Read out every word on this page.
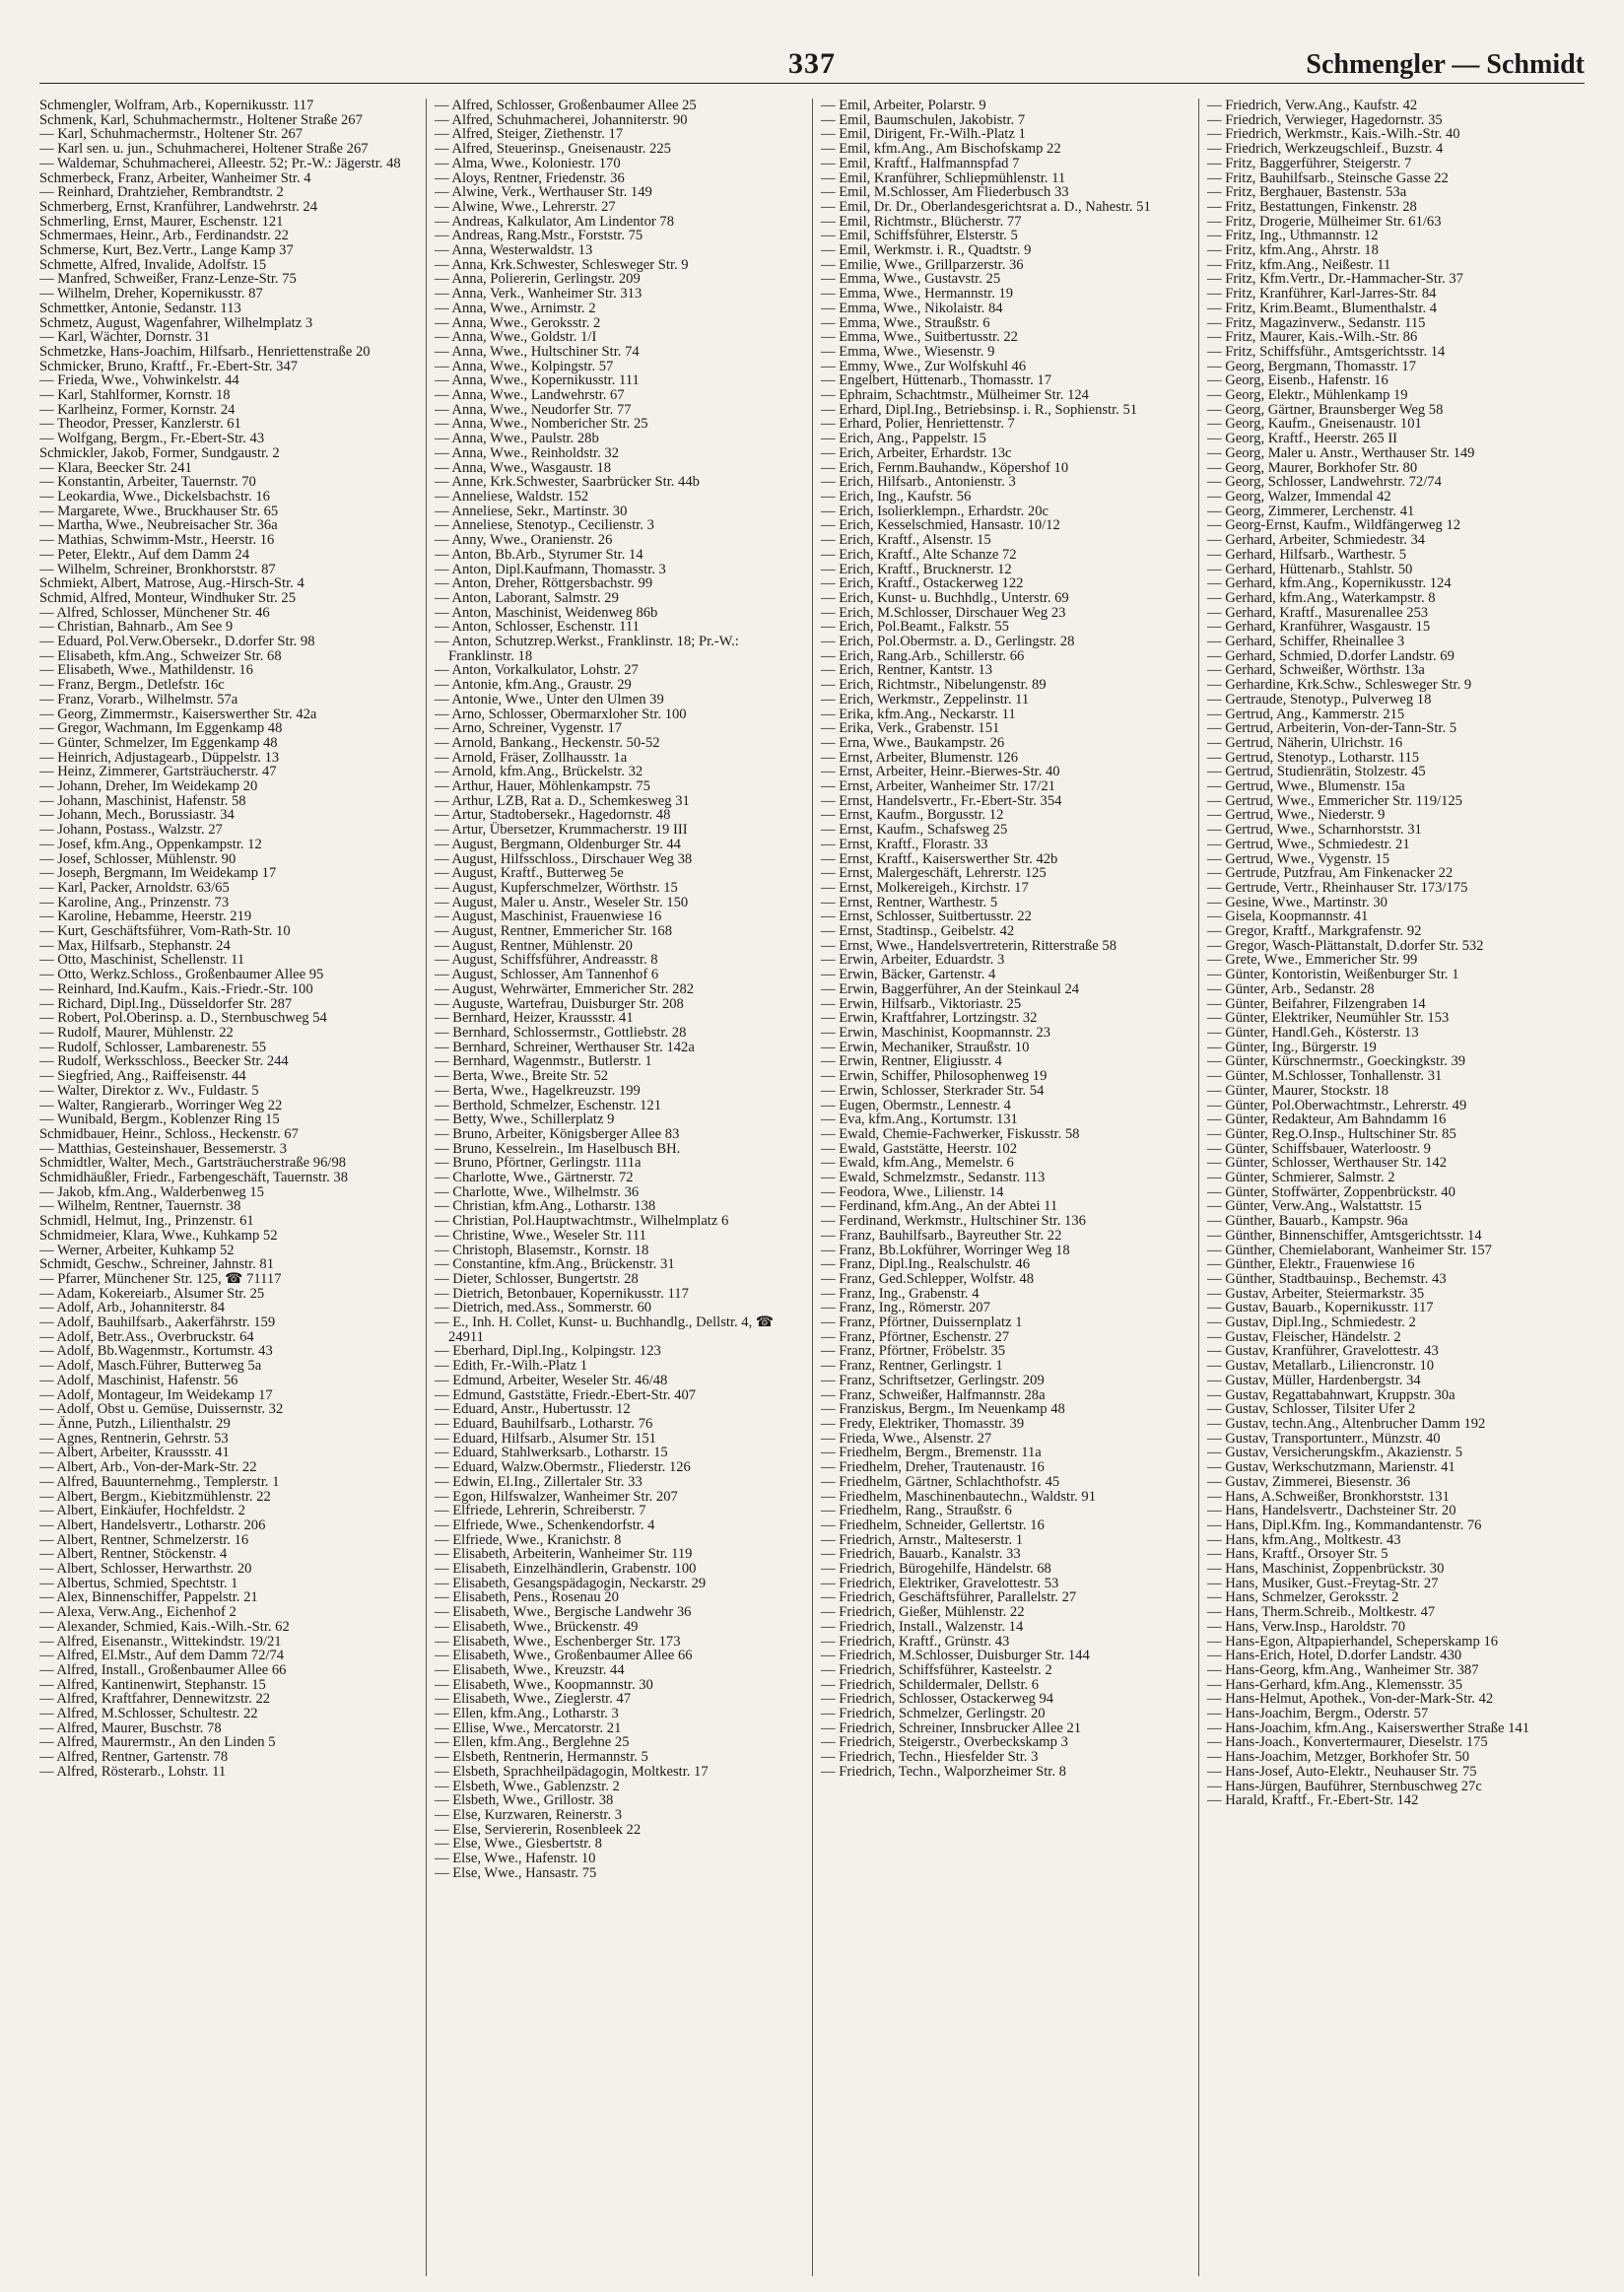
337	Schmengler — Schmidt
Schmengler, Wolfram, Arb., Kopernikusstr. 117
Schmenk, Karl, Schuhmachermstr., Holtener Straße 267
— Karl, Schuhmachermstr., Holtener Str. 267
— Karl sen. u. jun., Schuhmacherei, Holtener Straße 267
— Waldemar, Schuhmacherei, Alleestr. 52; Pr.-W.: Jägerstr. 48
Schmerbeck, Franz, Arbeiter, Wanheimer Str. 4
— Reinhard, Drahtzieher, Rembrandtstr. 2
Schmerberg, Ernst, Kranführer, Landwehrstr. 24
Schmerling, Ernst, Maurer, Eschenstr. 121
Schmermaes, Heinr., Arb., Ferdinandstr. 22
Schmerse, Kurt, Bez.Vertr., Lange Kamp 37
Schmette, Alfred, Invalide, Adolfstr. 15
— Manfred, Schweißer, Franz-Lenze-Str. 75
— Wilhelm, Dreher, Kopernikusstr. 87
Schmettker, Antonie, Sedanstr. 113
Schmetz, August, Wagenfahrer, Wilhelmplatz 3
— Karl, Wächter, Dornstr. 31
Schmetzke, Hans-Joachim, Hilfsarb., Henriettenstraße 20
Schmicker, Bruno, Kraftf., Fr.-Ebert-Str. 347
— Frieda, Wwe., Vohwinkelstr. 44
— Karl, Stahlformer, Kornstr. 18
— Karlheinz, Former, Kornstr. 24
— Theodor, Presser, Kanzlerstr. 61
— Wolfgang, Bergm., Fr.-Ebert-Str. 43
Schmickler, Jakob, Former, Sundgaustr. 2
— Klara, Beecker Str. 241
— Konstantin, Arbeiter, Tauernstr. 70
— Leokardia, Wwe., Dickelsbachstr. 16
— Margarete, Wwe., Bruckhauser Str. 65
— Martha, Wwe., Neubreisacher Str. 36a
— Mathias, Schwimm-Mstr., Heerstr. 16
— Peter, Elektr., Auf dem Damm 24
— Wilhelm, Schreiner, Bronkhorststr. 87
Schmiekt, Albert, Matrose, Aug.-Hirsch-Str. 4
Schmid, Alfred, Monteur, Windhuker Str. 25
— Alfred, Schlosser, Münchener Str. 46
— Christian, Bahnarb., Am See 9
— Eduard, Pol.Verw.Obersekr., D.dorfer Str. 98
— Elisabeth, kfm.Ang., Schweizer Str. 68
— Elisabeth, Wwe., Mathildenstr. 16
— Franz, Bergm., Detlefstr. 16c
— Franz, Vorarb., Wilhelmstr. 57a
— Georg, Zimmermstr., Kaiserswerther Str. 42a
— Gregor, Wachmann, Im Eggenkamp 48
— Günter, Schmelzer, Im Eggenkamp 48
— Heinrich, Adjustagearb., Düppelstr. 13
— Heinz, Zimmerer, Gartsträucherstr. 47
— Johann, Dreher, Im Weidekamp 20
— Johann, Maschinist, Hafenstr. 58
— Johann, Mech., Borussiastr. 34
— Johann, Postass., Walzstr. 27
— Josef, kfm.Ang., Oppenkampstr. 12
— Josef, Schlosser, Mühlenstr. 90
— Joseph, Bergmann, Im Weidekamp 17
— Karl, Packer, Arnoldstr. 63/65
— Karoline, Ang., Prinzenstr. 73
— Karoline, Hebamme, Heerstr. 219
— Kurt, Geschäftsführer, Vom-Rath-Str. 10
— Max, Hilfsarb., Stephanstr. 24
— Otto, Maschinist, Schellenstr. 11
— Otto, Werkz.Schloss., Großenbaumer Allee 95
— Reinhard, Ind.Kaufm., Kais.-Friedr.-Str. 100
— Richard, Dipl.Ing., Düsseldorfer Str. 287
— Robert, Pol.Oberinsp. a. D., Sternbuschweg 54
— Rudolf, Maurer, Mühlenstr. 22
— Rudolf, Schlosser, Lambarenestr. 55
— Rudolf, Werksschloss., Beecker Str. 244
— Siegfried, Ang., Raiffeisenstr. 44
— Walter, Direktor z. Wv., Fuldastr. 5
— Walter, Rangierarb., Worringer Weg 22
— Wunibald, Bergm., Koblenzer Ring 15
Schmidbauer, Heinr., Schloss., Heckenstr. 67
— Matthias, Gesteinshauer, Bessemerstr. 3
Schmidtler, Walter, Mech., Gartsträucherstraße 96/98
Schmidhäußler, Friedr., Farbengeschäft, Tauernstr. 38
— Jakob, kfm.Ang., Walderbenweg 15
— Wilhelm, Rentner, Tauernstr. 38
Schmidl, Helmut, Ing., Prinzenstr. 61
Schmidmeier, Klara, Wwe., Kuhkamp 52
— Werner, Arbeiter, Kuhkamp 52
Schmidt, Geschw., Schreiner, Jahnstr. 81
— Pfarrer, Münchener Str. 125, ☎ 71117
— Adam, Kokereiarb., Alsumer Str. 25
— Adolf, Arb., Johanniterstr. 84
— Adolf, Bauhilfsarb., Aakerfährstr. 159
— Adolf, Betr.Ass., Overbruckstr. 64
— Adolf, Bb.Wagenmstr., Kortumstr. 43
— Adolf, Masch.Führer, Butterweg 5a
— Adolf, Maschinist, Hafenstr. 56
— Adolf, Montageur, Im Weidekamp 17
— Adolf, Obst u. Gemüse, Duissernstr. 32
— Änne, Putzh., Lilienthalstr. 29
— Agnes, Rentnerin, Gehrstr. 53
— Albert, Arbeiter, Kraussstr. 41
— Albert, Arb., Von-der-Mark-Str. 22
— Alfred, Bauunternehmg., Templerstr. 1
— Albert, Bergm., Kiebitzmühlenstr. 22
— Albert, Einkäufer, Hochfeldstr. 2
— Albert, Handelsvertr., Lotharstr. 206
— Albert, Rentner, Schmelzerstr. 16
— Albert, Rentner, Stöckenstr. 4
— Albert, Schlosser, Herwarthstr. 20
— Albertus, Schmied, Spechtstr. 1
— Alex, Binnenschiffer, Pappelstr. 21
— Alexa, Verw.Ang., Eichenhof 2
— Alexander, Schmied, Kais.-Wilh.-Str. 62
— Alfred, Eisenanstr., Wittekindstr. 19/21
— Alfred, El.Mstr., Auf dem Damm 72/74
— Alfred, Install., Großenbaumer Allee 66
— Alfred, Kantinenwirt, Stephanstr. 15
— Alfred, Kraftfahrer, Dennewitzstr. 22
— Alfred, M.Schlosser, Schultestr. 22
— Alfred, Maurer, Buschstr. 78
— Alfred, Maurermstr., An den Linden 5
— Alfred, Rentner, Gartenstr. 78
— Alfred, Rösterarb., Lohstr. 11
— Alfred, Schlosser, Großenbaumer Allee 25
— Alfred, Schuhmacherei, Johanniterstr. 90
— Alfred, Steiger, Ziethenstr. 17
— Alfred, Steuerinsp., Gneisenaustr. 225
— Alma, Wwe., Koloniestr. 170
— Aloys, Rentner, Friedenstr. 36
— Alwine, Verk., Werthauser Str. 149
— Alwine, Wwe., Lehrerstr. 27
— Andreas, Kalkulator, Am Lindentor 78
— Andreas, Rang.Mstr., Forststr. 75
— Anna, Westerwaldstr. 13
— Anna, Krk.Schwester, Schlesweger Str. 9
— Anna, Poliererin, Gerlingstr. 209
— Anna, Verk., Wanheimer Str. 313
— Anna, Wwe., Arnimstr. 2
— Anna, Wwe., Geroksstr. 2
— Anna, Wwe., Goldstr. 1/I
— Anna, Wwe., Hultschiner Str. 74
— Anna, Wwe., Kolpingstr. 57
— Anna, Wwe., Kopernikusstr. 111
— Anna, Wwe., Landwehrstr. 67
— Anna, Wwe., Neudorfer Str. 77
— Anna, Wwe., Nombericher Str. 25
— Anna, Wwe., Paulstr. 28b
— Anna, Wwe., Reinholdstr. 32
— Anna, Wwe., Wasgaustr. 18
— Anne, Krk.Schwester, Saarbrücker Str. 44b
— Anneliese, Waldstr. 152
— Anneliese, Sekr., Martinstr. 30
— Anneliese, Stenotyp., Cecilienstr. 3
— Anny, Wwe., Oranienstr. 26
— Anton, Bb.Arb., Styrumer Str. 14
— Anton, Dipl.Kaufmann, Thomasstr. 3
— Anton, Dreher, Röttgersbachstr. 99
— Anton, Laborant, Salmstr. 29
— Anton, Maschinist, Weidenweg 86b
— Anton, Schlosser, Eschenstr. 111
— Anton, Schutzrep.Werkst., Franklinstr. 18; Pr.-W.: Franklinstr. 18
— Anton, Vorkalkulator, Lohstr. 27
— Antonie, kfm.Ang., Graustr. 29
— Antonie, Wwe., Unter den Ulmen 39
— Arno, Schlosser, Obermarxloher Str. 100
— Arno, Schreiner, Vygenstr. 17
— Arnold, Bankang., Heckenstr. 50-52
— Arnold, Fräser, Zollhausstr. 1a
— Arnold, kfm.Ang., Brückelstr. 32
— Arthur, Hauer, Möhlenkampstr. 75
— Arthur, LZB, Rat a. D., Schemkesweg 31
— Artur, Stadtobersekr., Hagedornstr. 48
— Artur, Übersetzer, Krummacherstr. 19 III
— August, Bergmann, Oldenburger Str. 44
— August, Hilfsschloss., Dirschauer Weg 38
— August, Kraftf., Butterweg 5e
— August, Kupferschmelzer, Wörthstr. 15
— August, Maler u. Anstr., Weseler Str. 150
— August, Maschinist, Frauenwiese 16
— August, Rentner, Emmericher Str. 168
— August, Rentner, Mühlenstr. 20
— August, Schiffsführer, Andreasstr. 8
— August, Schlosser, Am Tannenhof 6
— August, Wehrwärter, Emmericher Str. 282
— Auguste, Wartefrau, Duisburger Str. 208
— Bernhard, Heizer, Kraussstr. 41
— Bernhard, Schlossermstr., Gottliebstr. 28
— Bernhard, Schreiner, Werthauser Str. 142a
— Bernhard, Wagenmstr., Butlerstr. 1
— Berta, Wwe., Breite Str. 52
— Berta, Wwe., Hagelkreuzstr. 199
— Berthold, Schmelzer, Eschenstr. 121
— Betty, Wwe., Schillerplatz 9
— Bruno, Arbeiter, Königsberger Allee 83
— Bruno, Kesselrein., Im Haselbusch BH.
— Bruno, Pförtner, Gerlingstr. 111a
— Charlotte, Wwe., Gärtnerstr. 72
— Charlotte, Wwe., Wilhelmstr. 36
— Christian, kfm.Ang., Lotharstr. 138
— Christian, Pol.Hauptwachtmstr., Wilhelmplatz 6
— Christine, Wwe., Weseler Str. 111
— Christoph, Blasemstr., Kornstr. 18
— Constantine, kfm.Ang., Brückenstr. 31
— Dieter, Schlosser, Bungertstr. 28
— Dietrich, Betonbauer, Kopernikusstr. 117
— Dietrich, med.Ass., Sommerstr. 60
— E., Inh. H. Collet, Kunst- u. Buchhandlg., Dellstr. 4, ☎ 24911
— Eberhard, Dipl.Ing., Kolpingstr. 123
— Edith, Fr.-Wilh.-Platz 1
— Edmund, Arbeiter, Weseler Str. 46/48
— Edmund, Gaststätte, Friedr.-Ebert-Str. 407
— Eduard, Anstr., Hubertusstr. 12
— Eduard, Bauhilfsarb., Lotharstr. 76
— Eduard, Hilfsarb., Alsumer Str. 151
— Eduard, Stahlwerksarb., Lotharstr. 15
— Eduard, Walzw.Obermstr., Fliederstr. 126
— Edwin, El.Ing., Zillertaler Str. 33
— Egon, Hilfswalzer, Wanheimer Str. 207
— Elfriede, Lehrerin, Schreiberstr. 7
— Elfriede, Wwe., Schenkendorfstr. 4
— Elfriede, Wwe., Kranichstr. 8
— Elisabeth, Arbeiterin, Wanheimer Str. 119
— Elisabeth, Einzelhändlerin, Grabenstr. 100
— Elisabeth, Gesangspädagogin, Neckarstr. 29
— Elisabeth, Pens., Rosenau 20
— Elisabeth, Wwe., Bergische Landwehr 36
— Elisabeth, Wwe., Brückenstr. 49
— Elisabeth, Wwe., Eschenberger Str. 173
— Elisabeth, Wwe., Großenbaumer Allee 66
— Elisabeth, Wwe., Kreuzstr. 44
— Elisabeth, Wwe., Koopmannstr. 30
— Elisabeth, Wwe., Zieglerstr. 47
— Ellen, kfm.Ang., Lotharstr. 3
— Ellise, Wwe., Mercatorstr. 21
— Ellen, kfm.Ang., Berglehne 25
— Elsbeth, Rentnerin, Hermannstr. 5
— Elsbeth, Sprachheilpädagogin, Moltkestr. 17
— Elsbeth, Wwe., Gablenzstr. 2
— Elsbeth, Wwe., Grillostr. 38
— Else, Kurzwaren, Reinerstr. 3
— Else, Serviererin, Rosenbleek 22
— Else, Wwe., Giesbertstr. 8
— Else, Wwe., Hafenstr. 10
— Else, Wwe., Hansastr. 75
— Emil, Arbeiter, Polarstr. 9
— Emil, Baumschulen, Jakobistr. 7
— Emil, Dirigent, Fr.-Wilh.-Platz 1
— Emil, kfm.Ang., Am Bischofskamp 22
— Emil, Kraftf., Halfmannspfad 7
— Emil, Kranführer, Schliepmühlenstr. 11
— Emil, M.Schlosser, Am Fliederbusch 33
— Emil, Dr. Dr., Oberlandesgerichtsrat a. D., Nahestr. 51
— Emil, Richtmstr., Blücherstr. 77
— Emil, Schiffsführer, Elsterstr. 5
— Emil, Werkmstr. i. R., Quadtstr. 9
— Emilie, Wwe., Grillparzerstr. 36
— Emma, Wwe., Gustavstr. 25
— Emma, Wwe., Hermannstr. 19
— Emma, Wwe., Nikolaistr. 84
— Emma, Wwe., Straußstr. 6
— Emma, Wwe., Suitbertusstr. 22
— Emma, Wwe., Wiesenstr. 9
— Emmy, Wwe., Zur Wolfskuhl 46
— Engelbert, Hüttenarb., Thomasstr. 17
— Ephraim, Schachtmstr., Mülheimer Str. 124
— Erhard, Dipl.Ing., Betriebsinsp. i. R., Sophienstr. 51
— Erhard, Polier, Henriettenstr. 7
— Erich, Ang., Pappelstr. 15
— Erich, Arbeiter, Erhardstr. 13c
— Erich, Fernm.Bauhandw., Köpershof 10
— Erich, Hilfsarb., Antonienstr. 3
— Erich, Ing., Kaufstr. 56
— Erich, Isolierklempn., Erhardstr. 20c
— Erich, Kesselschmied, Hansastr. 10/12
— Erich, Kraftf., Alsenstr. 15
— Erich, Kraftf., Alte Schanze 72
— Erich, Kraftf., Brucknerstr. 12
— Erich, Kraftf., Ostackerweg 122
— Erich, Kunst- u. Buchhdlg., Unterstr. 69
— Erich, M.Schlosser, Dirschauer Weg 23
— Erich, Pol.Beamt., Falkstr. 55
— Erich, Pol.Obermstr. a. D., Gerlingstr. 28
— Erich, Rang.Arb., Schillerstr. 66
— Erich, Rentner, Kantstr. 13
— Erich, Richtmstr., Nibelungenstr. 89
— Erich, Werkmstr., Zeppelinstr. 11
— Erika, kfm.Ang., Neckarstr. 11
— Erika, Verk., Grabenstr. 151
— Erna, Wwe., Baukampstr. 26
— Ernst, Arbeiter, Blumenstr. 126
— Ernst, Arbeiter, Heinr.-Bierwes-Str. 40
— Ernst, Arbeiter, Wanheimer Str. 17/21
— Ernst, Handelsvertr., Fr.-Ebert-Str. 354
— Ernst, Kaufm., Borgusstr. 12
— Ernst, Kaufm., Schafsweg 25
— Ernst, Kraftf., Florastr. 33
— Ernst, Kraftf., Kaiserswerther Str. 42b
— Ernst, Malergeschäft, Lehrerstr. 125
— Ernst, Molkereigeh., Kirchstr. 17
— Ernst, Rentner, Warthestr. 5
— Ernst, Schlosser, Suitbertusstr. 22
— Ernst, Stadtinsp., Geibelstr. 42
— Ernst, Wwe., Handelsvertreterin, Ritterstraße 58
— Erwin, Arbeiter, Eduardstr. 3
— Erwin, Bäcker, Gartenstr. 4
— Erwin, Baggerführer, An der Steinkaul 24
— Erwin, Hilfsarb., Viktoriastr. 25
— Erwin, Kraftfahrer, Lortzingstr. 32
— Erwin, Maschinist, Koopmannstr. 23
— Erwin, Mechaniker, Straußstr. 10
— Erwin, Rentner, Eligiusstr. 4
— Erwin, Schiffer, Philosophenweg 19
— Erwin, Schlosser, Sterkrader Str. 54
— Eugen, Obermstr., Lennestr. 4
— Eva, kfm.Ang., Kortumstr. 131
— Ewald, Chemie-Fachwerker, Fiskusstr. 58
— Ewald, Gaststätte, Heerstr. 102
— Ewald, kfm.Ang., Memelstr. 6
— Ewald, Schmelzmstr., Sedanstr. 113
— Feodora, Wwe., Lilienstr. 14
— Ferdinand, kfm.Ang., An der Abtei 11
— Ferdinand, Werkmstr., Hultschiner Str. 136
— Franz, Bauhilfsarb., Bayreuther Str. 22
— Franz, Bb.Lokführer, Worringer Weg 18
— Franz, Dipl.Ing., Realschulstr. 46
— Franz, Ged.Schlepper, Wolfstr. 48
— Franz, Ing., Grabenstr. 4
— Franz, Ing., Römerstr. 207
— Franz, Pförtner, Duissernplatz 1
— Franz, Pförtner, Eschenstr. 27
— Franz, Pförtner, Fröbelstr. 35
— Franz, Rentner, Gerlingstr. 1
— Franz, Schriftsetzer, Gerlingstr. 209
— Franz, Schweißer, Halfmannstr. 28a
— Franziskus, Bergm., Im Neuenkamp 48
— Fredy, Elektriker, Thomasstr. 39
— Frieda, Wwe., Alsenstr. 27
— Friedhelm, Bergm., Bremenstr. 11a
— Friedhelm, Dreher, Trautenaustr. 16
— Friedhelm, Gärtner, Schlachthofstr. 45
— Friedhelm, Maschinenbautechn., Waldstr. 91
— Friedhelm, Rang., Straußstr. 6
— Friedhelm, Schneider, Gellertstr. 16
— Friedrich, Arnstr., Malteserstr. 1
— Friedrich, Bauarb., Kanalstr. 33
— Friedrich, Bürogehilfe, Händelstr. 68
— Friedrich, Elektriker, Gravelottestr. 53
— Friedrich, Geschäftsführer, Parallelstr. 27
— Friedrich, Gießer, Mühlenstr. 22
— Friedrich, Install., Walzenstr. 14
— Friedrich, Kraftf., Grünstr. 43
— Friedrich, M.Schlosser, Duisburger Str. 144
— Friedrich, Schiffsführer, Kasteelstr. 2
— Friedrich, Schildermaler, Dellstr. 6
— Friedrich, Schlosser, Ostackerweg 94
— Friedrich, Schmelzer, Gerlingstr. 20
— Friedrich, Schreiner, Innsbrucker Allee 21
— Friedrich, Steigerstr., Overbeckskamp 3
— Friedrich, Techn., Hiesfelder Str. 3
— Friedrich, Techn., Walporzheimer Str. 8
— Friedrich, Verw.Ang., Kaufstr. 42
— Friedrich, Verwieger, Hagedornstr. 35
— Friedrich, Werkmstr., Kais.-Wilh.-Str. 40
— Friedrich, Werkzeugschleif., Buzstr. 4
— Fritz, Baggerführer, Steigerstr. 7
— Fritz, Bauhilfsarb., Steinsche Gasse 22
— Fritz, Berghauer, Bastenstr. 53a
— Fritz, Bestattungen, Finkenstr. 28
— Fritz, Drogerie, Mülheimer Str. 61/63
— Fritz, Ing., Uthmannstr. 12
— Fritz, kfm.Ang., Ahrstr. 18
— Fritz, kfm.Ang., Neißestr. 11
— Fritz, Kfm.Vertr., Dr.-Hammacher-Str. 37
— Fritz, Kranführer, Karl-Jarres-Str. 84
— Fritz, Krim.Beamt., Blumenthalstr. 4
— Fritz, Magazinverw., Sedanstr. 115
— Fritz, Maurer, Kais.-Wilh.-Str. 86
— Fritz, Schiffsführ., Amtsgerichtsstr. 14
— Georg, Bergmann, Thomasstr. 17
— Georg, Eisenb., Hafenstr. 16
— Georg, Elektr., Mühlenkamp 19
— Georg, Gärtner, Braunsberger Weg 58
— Georg, Kaufm., Gneisenaustr. 101
— Georg, Kraftf., Heerstr. 265 II
— Georg, Maler u. Anstr., Werthauser Str. 149
— Georg, Maurer, Borkhofer Str. 80
— Georg, Schlosser, Landwehrstr. 72/74
— Georg, Walzer, Immendal 42
— Georg, Zimmerer, Lerchenstr. 41
— Georg-Ernst, Kaufm., Wildfängerweg 12
— Gerhard, Arbeiter, Schmiedestr. 34
— Gerhard, Hilfsarb., Warthestr. 5
— Gerhard, Hüttenarb., Stahlstr. 50
— Gerhard, kfm.Ang., Kopernikusstr. 124
— Gerhard, kfm.Ang., Waterkampstr. 8
— Gerhard, Kraftf., Masurenallee 253
— Gerhard, Kranführer, Wasgaustr. 15
— Gerhard, Schiffer, Rheinallee 3
— Gerhard, Schmied, D.dorfer Landstr. 69
— Gerhard, Schweißer, Wörthstr. 13a
— Gerhardine, Krk.Schw., Schlesweger Str. 9
— Gertraude, Stenotyp., Pulverweg 18
— Gertrud, Ang., Kammerstr. 215
— Gertrud, Arbeiterin, Von-der-Tann-Str. 5
— Gertrud, Näherin, Ulrichstr. 16
— Gertrud, Stenotyp., Lotharstr. 115
— Gertrud, Studienrätin, Stolzestr. 45
— Gertrud, Wwe., Blumenstr. 15a
— Gertrud, Wwe., Emmericher Str. 119/125
— Gertrud, Wwe., Niederstr. 9
— Gertrud, Wwe., Scharnhorststr. 31
— Gertrud, Wwe., Schmiedestr. 21
— Gertrud, Wwe., Vygenstr. 15
— Gertrude, Putzfrau, Am Finkenacker 22
— Gertrude, Vertr., Rheinhauser Str. 173/175
— Gesine, Wwe., Martinstr. 30
— Gisela, Koopmannstr. 41
— Gregor, Kraftf., Markgrafenstr. 92
— Gregor, Wasch-Plättanstalt, D.dorfer Str. 532
— Grete, Wwe., Emmericher Str. 99
— Günter, Kontoristin, Weißenburger Str. 1
— Günter, Arb., Sedanstr. 28
— Günter, Beifahrer, Filzengraben 14
— Günter, Elektriker, Neumühler Str. 153
— Günter, Handl.Geh., Kösterstr. 13
— Günter, Ing., Bürgerstr. 19
— Günter, Kürschnermstr., Goeckingkstr. 39
— Günter, M.Schlosser, Tonhallenstr. 31
— Günter, Maurer, Stockstr. 18
— Günter, Pol.Oberwachtmstr., Lehrerstr. 49
— Günter, Redakteur, Am Bahndamm 16
— Günter, Reg.O.Insp., Hultschiner Str. 85
— Günter, Schiffsbauer, Waterloostr. 9
— Günter, Schlosser, Werthauser Str. 142
— Günter, Schmierer, Salmstr. 2
— Günter, Stoffwärter, Zoppenbrückstr. 40
— Günter, Verw.Ang., Walstattstr. 15
— Günther, Bauarb., Kampstr. 96a
— Günther, Binnenschiffer, Amtsgerichtsstr. 14
— Günther, Chemielaborant, Wanheimer Str. 157
— Günther, Elektr., Frauenwiese 16
— Günther, Stadtbauinsp., Bechemstr. 43
— Gustav, Arbeiter, Steiermarkstr. 35
— Gustav, Bauarb., Kopernikusstr. 117
— Gustav, Dipl.Ing., Schmiedestr. 2
— Gustav, Fleischer, Händelstr. 2
— Gustav, Kranführer, Gravelottestr. 43
— Gustav, Metallarb., Liliencronstr. 10
— Gustav, Müller, Hardenbergstr. 34
— Gustav, Regattabahnwart, Kruppstr. 30a
— Gustav, Schlosser, Tilsiter Ufer 2
— Gustav, techn.Ang., Altenbrucher Damm 192
— Gustav, Transportunterr., Münzstr. 40
— Gustav, Versicherungskfm., Akazienstr. 5
— Gustav, Werkschutzmann, Marienstr. 41
— Gustav, Zimmerei, Biesenstr. 36
— Hans, A.Schweißer, Bronkhorststr. 131
— Hans, Handelsvertr., Dachsteiner Str. 20
— Hans, Dipl.Kfm. Ing., Kommandantenstr. 76
— Hans, kfm.Ang., Moltkestr. 43
— Hans, Kraftf., Orsoyer Str. 5
— Hans, Maschinist, Zoppenbrückstr. 30
— Hans, Musiker, Gust.-Freytag-Str. 27
— Hans, Schmelzer, Geroksstr. 2
— Hans, Therm.Schreib., Moltkestr. 47
— Hans, Verw.Insp., Haroldstr. 70
— Hans-Egon, Altpapierhandel, Scheperskamp 16
— Hans-Erich, Hotel, D.dorfer Landstr. 430
— Hans-Georg, kfm.Ang., Wanheimer Str. 387
— Hans-Gerhard, kfm.Ang., Klemensstr. 35
— Hans-Helmut, Apothek., Von-der-Mark-Str. 42
— Hans-Joachim, Bergm., Oderstr. 57
— Hans-Joachim, kfm.Ang., Kaiserswerther Straße 141
— Hans-Joach., Konvertermaurer, Dieselstr. 175
— Hans-Joachim, Metzger, Borkhofer Str. 50
— Hans-Josef, Auto-Elektr., Neuhauser Str. 75
— Hans-Jürgen, Bauführer, Sternbuschweg 27c
— Harald, Kraftf., Fr.-Ebert-Str. 142
